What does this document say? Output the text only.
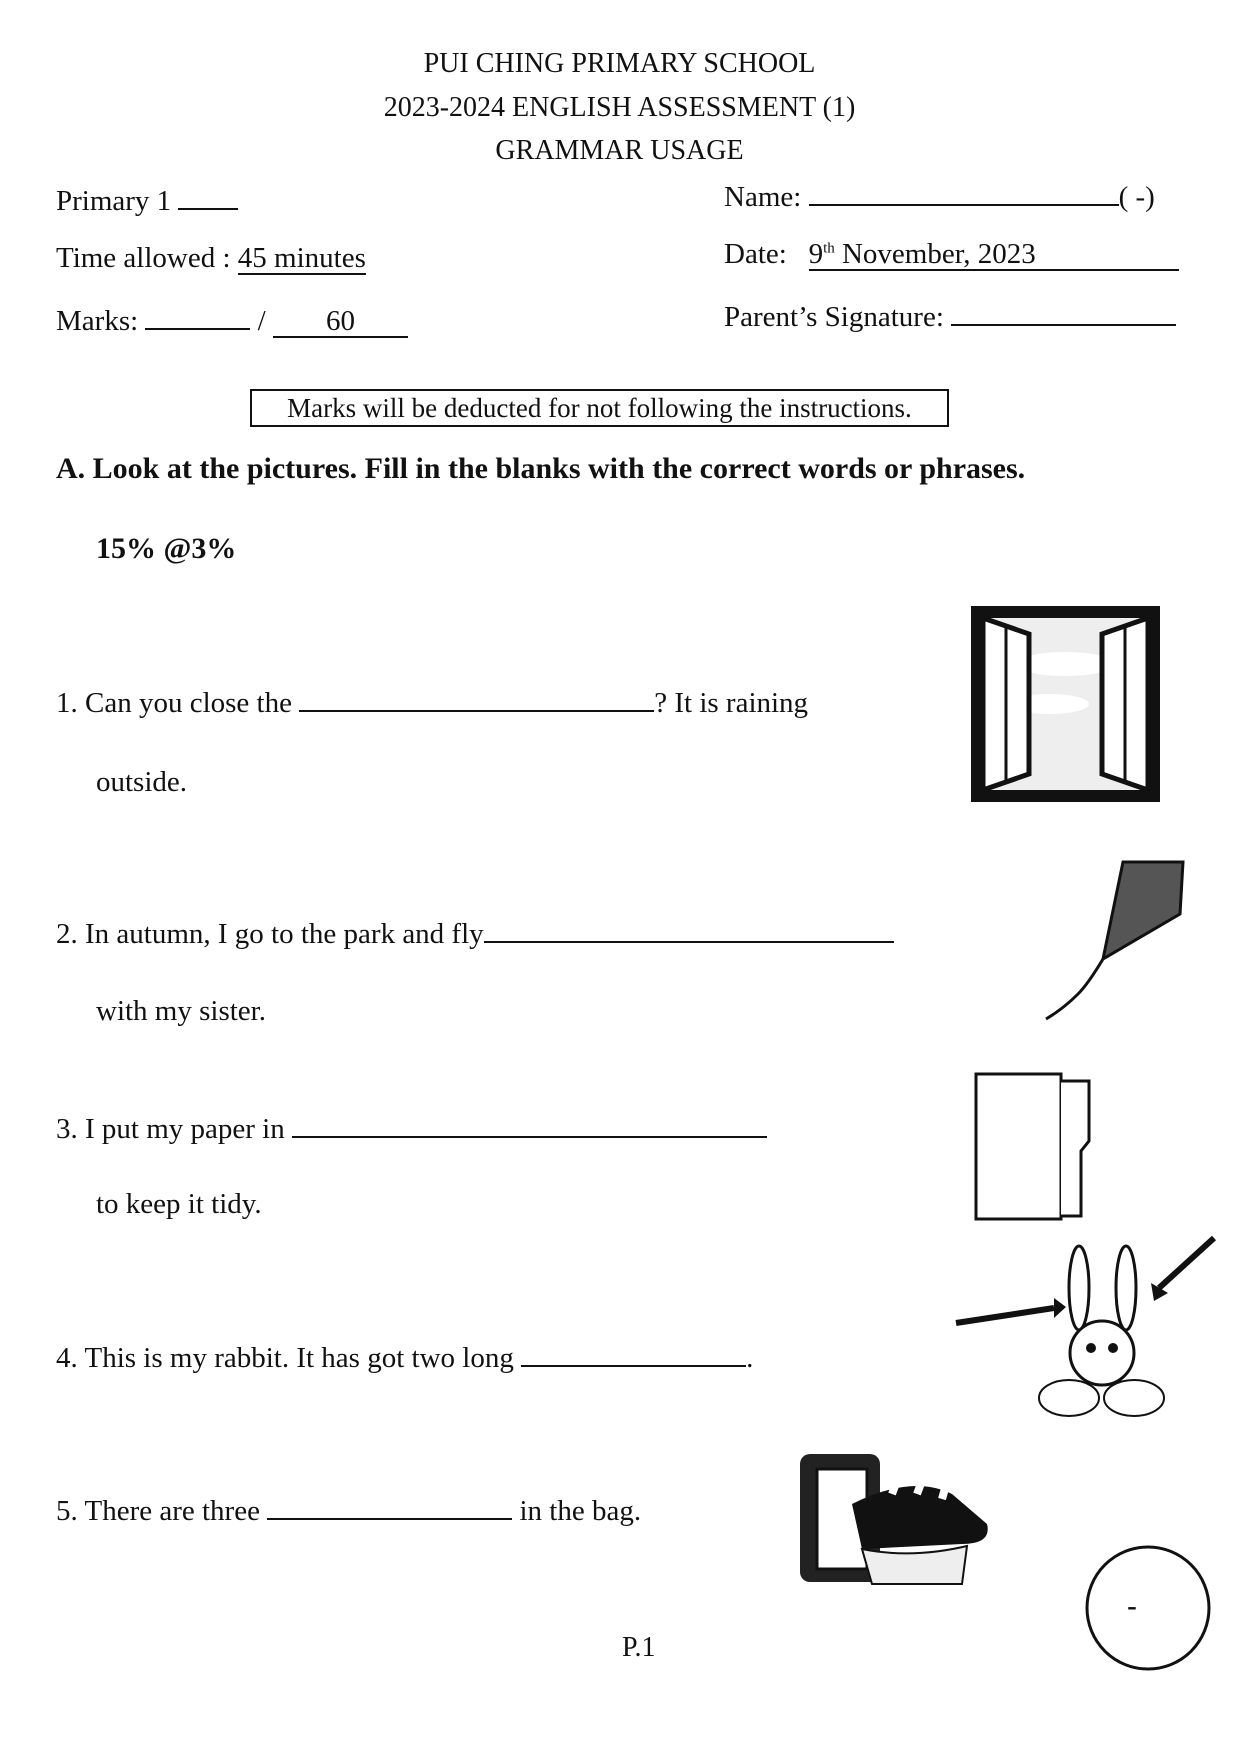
PUI CHING PRIMARY SCHOOL
2023-2024 ENGLISH ASSESSMENT (1)
GRAMMAR USAGE
Primary 1	Name:	( -)
Time allowed : 45 minutes	Date: 9th November, 2023
Marks:	/ 60	Parent’s Signature:
Marks will be deducted for not following the instructions.
A. Look at the pictures. Fill in the blanks with the correct words or phrases.
15% @3%
1. Can you close the	? It is raining
outside.
2. In autumn, I go to the park and fly
with my sister.
3. I put my paper in
to keep it tidy.
4. This is my rabbit. It has got two long	.
5. There are three	in the bag.
-
P.1
